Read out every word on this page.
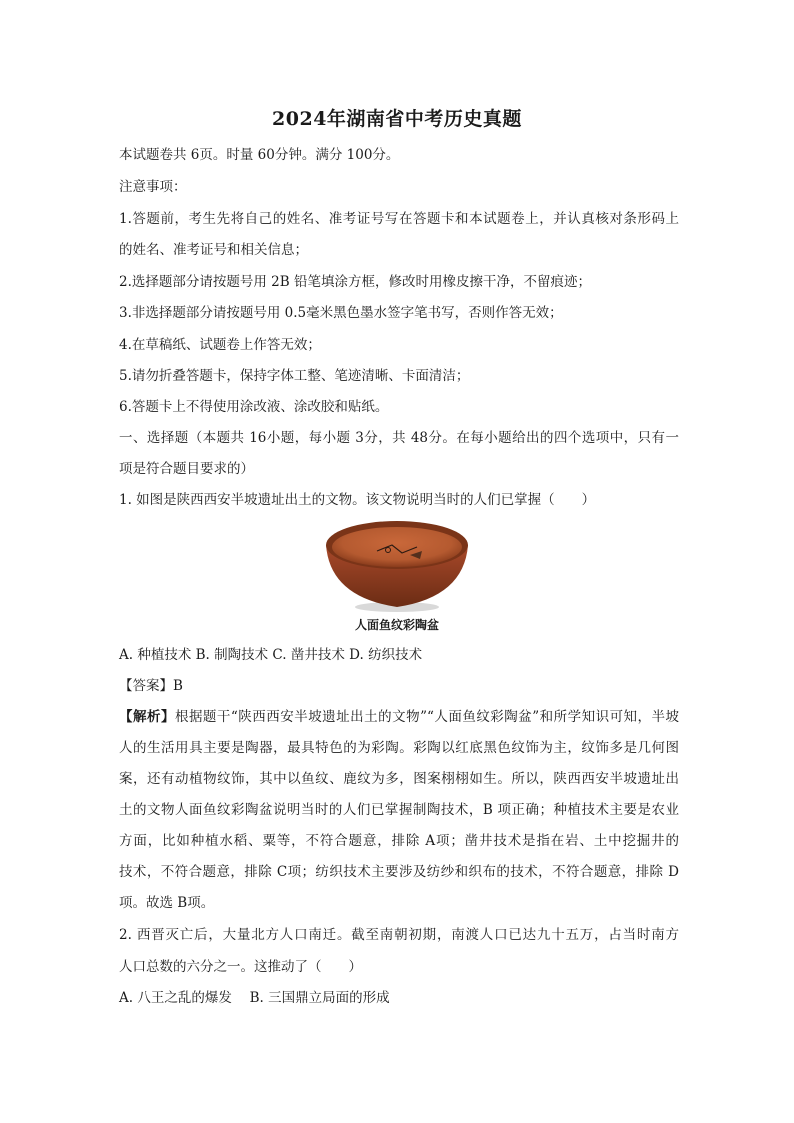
2024年湖南省中考历史真题
本试题卷共 6页。时量 60分钟。满分 100分。
注意事项：
1.答题前，考生先将自己的姓名、准考证号写在答题卡和本试题卷上，并认真核对条形码上
的姓名、准考证号和相关信息；
2.选择题部分请按题号用 2B 铅笔填涂方框，修改时用橡皮擦干净，不留痕迹；
3.非选择题部分请按题号用 0.5毫米黑色墨水签字笔书写，否则作答无效；
4.在草稿纸、试题卷上作答无效；
5.请勿折叠答题卡，保持字体工整、笔迹清晰、卡面清洁；
6.答题卡上不得使用涂改液、涂改胶和贴纸。
一、选择题（本题共 16小题，每小题 3分，共 48分。在每小题给出的四个选项中，只有一
项是符合题目要求的）
1. 如图是陕西西安半坡遗址出土的文物。该文物说明当时的人们已掌握（　　）
人面鱼纹彩陶盆
A. 种植技术 B. 制陶技术 C. 凿井技术 D. 纺织技术
【答案】B
【解析】根据题干“陕西西安半坡遗址出土的文物”“人面鱼纹彩陶盆”和所学知识可知，半坡
人的生活用具主要是陶器，最具特色的为彩陶。彩陶以红底黑色纹饰为主，纹饰多是几何图
案，还有动植物纹饰，其中以鱼纹、鹿纹为多，图案栩栩如生。所以，陕西西安半坡遗址出
土的文物人面鱼纹彩陶盆说明当时的人们已掌握制陶技术，B 项正确；种植技术主要是农业
方面，比如种植水稻、粟等，不符合题意，排除 A项；凿井技术是指在岩、土中挖掘井的
技术，不符合题意，排除 C项；纺织技术主要涉及纺纱和织布的技术，不符合题意，排除 D
项。故选 B项。
2. 西晋灭亡后，大量北方人口南迁。截至南朝初期，南渡人口已达九十五万，占当时南方
人口总数的六分之一。这推动了（　　）
A. 八王之乱的爆发　 B. 三国鼎立局面的形成
